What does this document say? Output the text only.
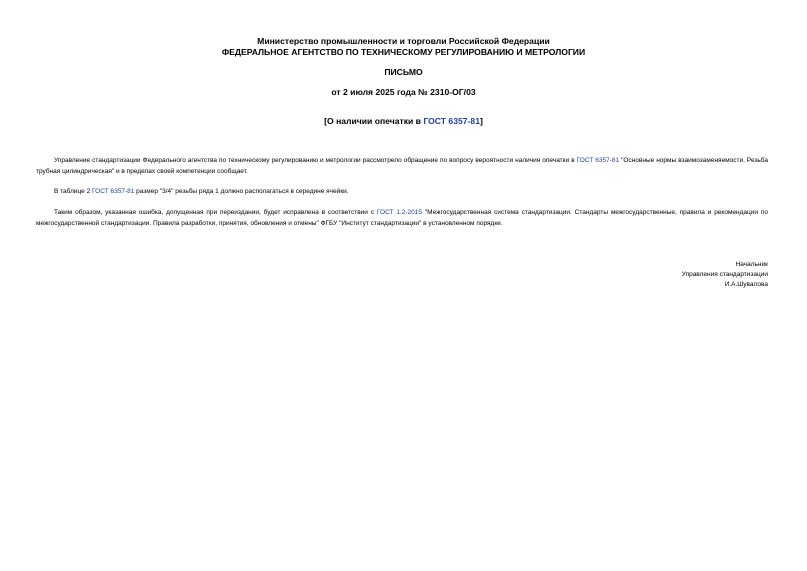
Министерство промышленности и торговли Российской Федерации
ФЕДЕРАЛЬНОЕ АГЕНТСТВО ПО ТЕХНИЧЕСКОМУ РЕГУЛИРОВАНИЮ И МЕТРОЛОГИИ
ПИСЬМО
от 2 июля 2025 года № 2310-ОГ/03
[О наличии опечатки в ГОСТ 6357-81]
Управление стандартизации Федерального агентства по техническому регулированию и метрологии рассмотрело обращение по вопросу вероятности наличия опечатки в ГОСТ 6357-81 "Основные нормы взаимозаменяемости. Резьба трубная цилиндрическая" и в пределах своей компетенции сообщает.
В таблице 2 ГОСТ 6357-81 размер "3/4" резьбы ряда 1 должно располагаться в середине ячейки.
Таким образом, указанная ошибка, допущенная при переиздании, будет исправлена в соответствии с ГОСТ 1.2-2015 "Межгосударственная система стандартизации. Стандарты межгосударственные, правила и рекомендации по межгосударственной стандартизации. Правила разработки, принятия, обновления и отмены" ФГБУ "Институт стандартизации" в установленном порядке.
Начальник
Управления стандартизации
И.А.Шувалова
